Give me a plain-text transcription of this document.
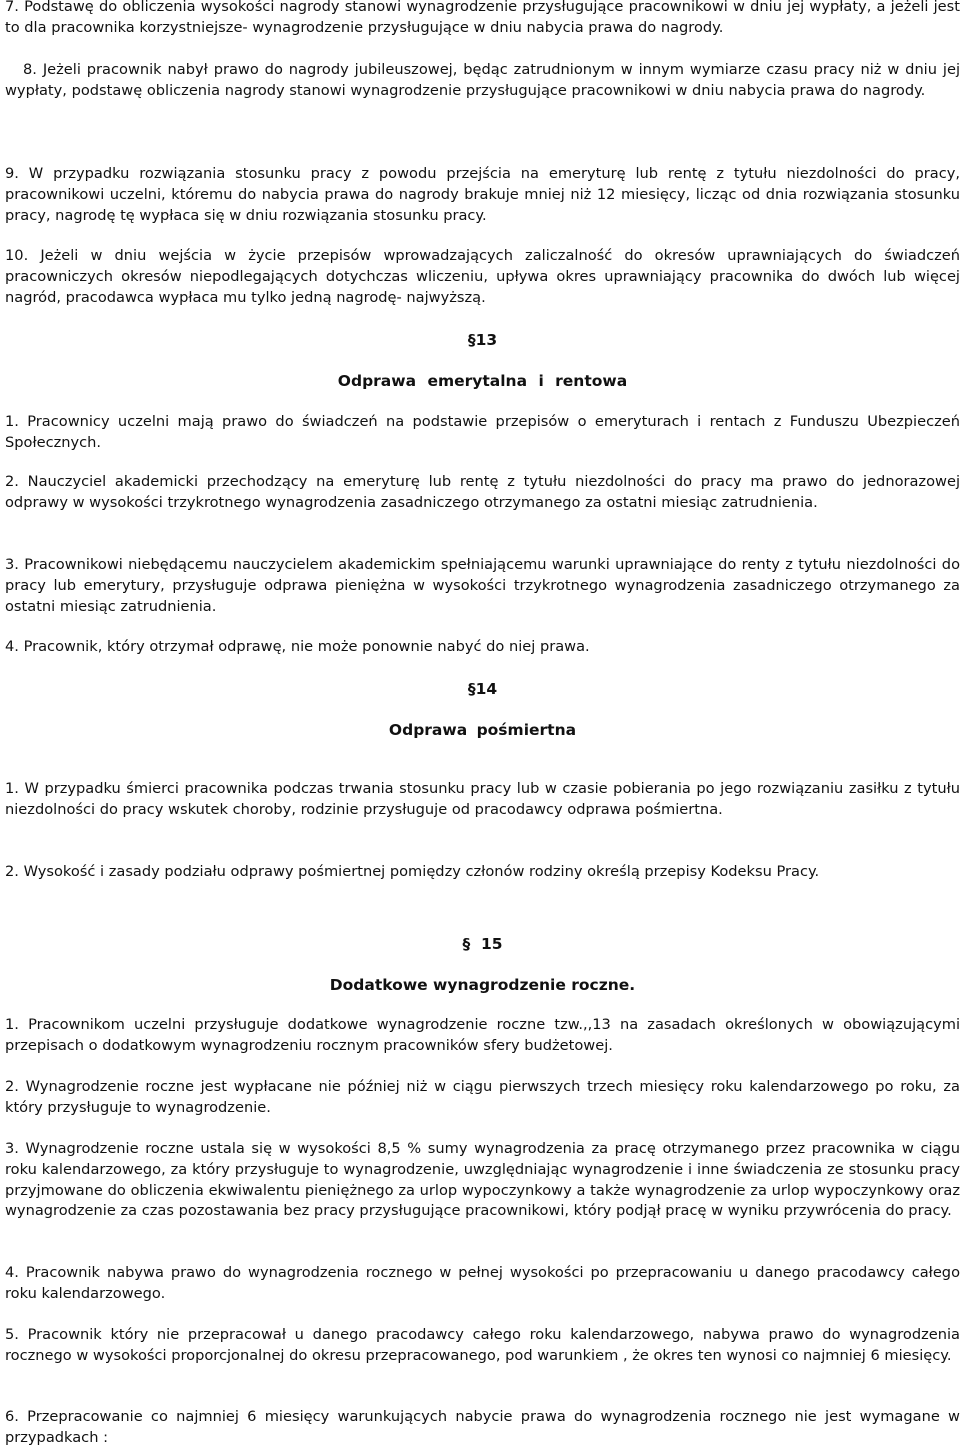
7. Podstawę do obliczenia wysokości nagrody stanowi wynagrodzenie przysługujące pracownikowi w dniu jej wypłaty, a jeżeli jest to dla pracownika korzystniejsze- wynagrodzenie przysługujące w dniu nabycia prawa do nagrody.

8. Jeżeli pracownik nabył prawo do nagrody jubileuszowej, będąc zatrudnionym w innym wymiarze czasu pracy niż w dniu jej wypłaty, podstawę obliczenia nagrody stanowi wynagrodzenie przysługujące pracownikowi w dniu nabycia prawa do nagrody.

9. W przypadku rozwiązania stosunku pracy z powodu przejścia na emeryturę lub rentę z tytułu niezdolności do pracy, pracownikowi uczelni, któremu do nabycia prawa do nagrody brakuje mniej niż 12 miesięcy, licząc od dnia rozwiązania stosunku pracy, nagrodę tę wypłaca się w dniu rozwiązania stosunku pracy.

10. Jeżeli w dniu wejścia w życie przepisów wprowadzających zaliczalność do okresów uprawniających do świadczeń pracowniczych okresów niepodlegających dotychczas wliczeniu, upływa okres uprawniający pracownika do dwóch lub więcej nagród, pracodawca wypłaca mu tylko jedną nagrodę- najwyższą.

§13
Odprawa emerytalna i rentowa

1. Pracownicy uczelni mają prawo do świadczeń na podstawie przepisów o emeryturach i rentach z Funduszu Ubezpieczeń Społecznych.

2. Nauczyciel akademicki przechodzący na emeryturę lub rentę z tytułu niezdolności do pracy ma prawo do jednorazowej odprawy w wysokości trzykrotnego wynagrodzenia zasadniczego otrzymanego za ostatni miesiąc zatrudnienia.

3. Pracownikowi niebędącemu nauczycielem akademickim spełniającemu warunki uprawniające do renty z tytułu niezdolności do pracy lub emerytury, przysługuje odprawa pieniężna w wysokości trzykrotnego wynagrodzenia zasadniczego otrzymanego za ostatni miesiąc zatrudnienia.

4. Pracownik, który otrzymał odprawę, nie może ponownie nabyć do niej prawa.

§14
Odprawa pośmiertna

1. W przypadku śmierci pracownika podczas trwania stosunku pracy lub w czasie pobierania po jego rozwiązaniu zasiłku z tytułu niezdolności do pracy wskutek choroby, rodzinie przysługuje od pracodawcy odprawa pośmiertna.

2. Wysokość i zasady podziału odprawy pośmiertnej pomiędzy członów rodziny określą przepisy Kodeksu Pracy.

§ 15
Dodatkowe wynagrodzenie roczne.

1. Pracownikom uczelni przysługuje dodatkowe wynagrodzenie roczne tzw.,,13 na zasadach określonych w obowiązującymi przepisach o dodatkowym wynagrodzeniu rocznym pracowników sfery budżetowej.

2. Wynagrodzenie roczne jest wypłacane nie później niż w ciągu pierwszych trzech miesięcy roku kalendarzowego po roku, za który przysługuje to wynagrodzenie.

3. Wynagrodzenie roczne ustala się w wysokości 8,5 % sumy wynagrodzenia za pracę otrzymanego przez pracownika w ciągu roku kalendarzowego, za który przysługuje to wynagrodzenie, uwzględniając wynagrodzenie i inne świadczenia ze stosunku pracy przyjmowane do obliczenia ekwiwalentu pieniężnego za urlop wypoczynkowy a także wynagrodzenie za urlop wypoczynkowy oraz wynagrodzenie za czas pozostawania bez pracy przysługujące pracownikowi, który podjął pracę w wyniku przywrócenia do pracy.

4. Pracownik nabywa prawo do wynagrodzenia rocznego w pełnej wysokości po przepracowaniu u danego pracodawcy całego roku kalendarzowego.

5. Pracownik który nie przepracował u danego pracodawcy całego roku kalendarzowego, nabywa prawo do wynagrodzenia rocznego w wysokości proporcjonalnej do okresu przepracowanego, pod warunkiem , że okres ten wynosi co najmniej 6 miesięcy.

6. Przepracowanie co najmniej 6 miesięcy warunkujących nabycie prawa do wynagrodzenia rocznego nie jest wymagane w przypadkach :
